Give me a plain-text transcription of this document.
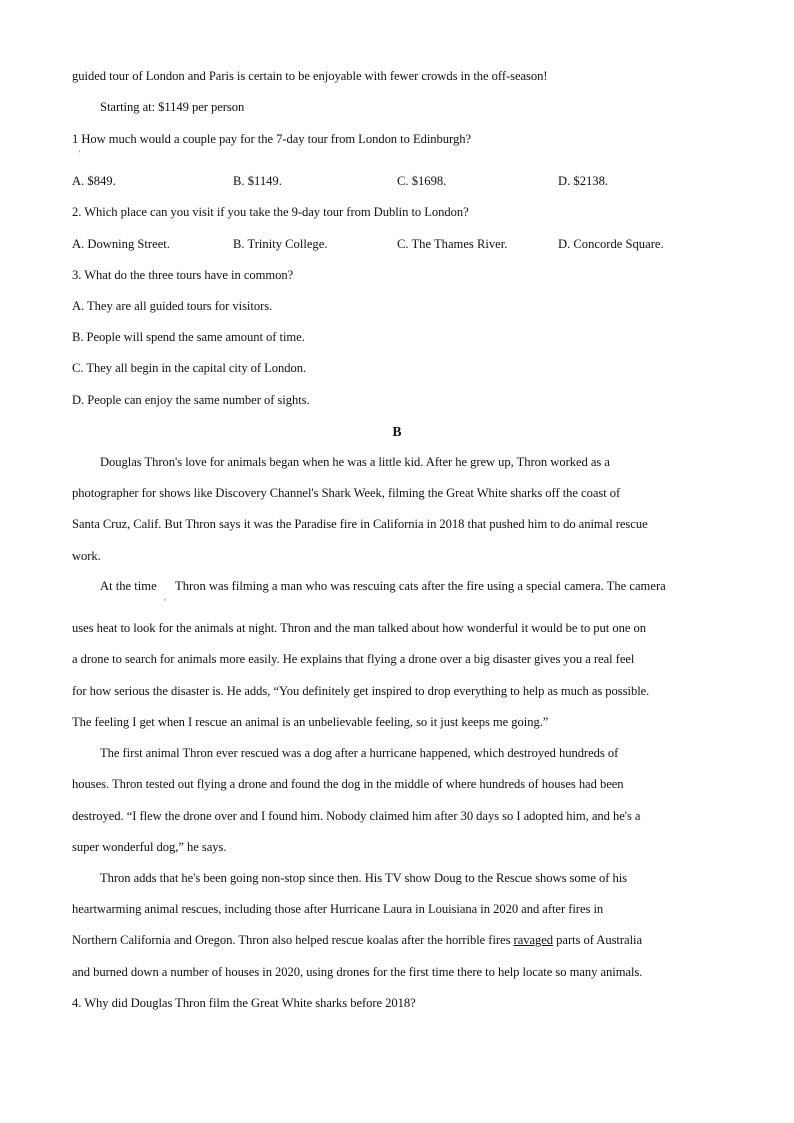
guided tour of London and Paris is certain to be enjoyable with fewer crowds in the off-season!
Starting at: $1149 per person
1 How much would a couple pay for the 7-day tour from London to Edinburgh?
'
A. $849.	B. $1149.	C. $1698.	D. $2138.
2. Which place can you visit if you take the 9-day tour from Dublin to London?
A. Downing Street.	B. Trinity College.	C. The Thames River.	D. Concorde Square.
3. What do the three tours have in common?
A. They are all guided tours for visitors.
B. People will spend the same amount of time.
C. They all begin in the capital city of London.
D. People can enjoy the same number of sights.
B
Douglas Thron's love for animals began when he was a little kid. After he grew up, Thron worked as a
photographer for shows like Discovery Channel's Shark Week, filming the Great White sharks off the coast of
Santa Cruz, Calif. But Thron says it was the Paradise fire in California in 2018 that pushed him to do animal rescue
work.
At the time
,
Thron was filming a man who was rescuing cats after the fire using a special camera. The camera
uses heat to look for the animals at night. Thron and the man talked about how wonderful it would be to put one on
a drone to search for animals more easily. He explains that flying a drone over a big disaster gives you a real feel
for how serious the disaster is. He adds, “You definitely get inspired to drop everything to help as much as possible.
The feeling I get when I rescue an animal is an unbelievable feeling, so it just keeps me going.”
The first animal Thron ever rescued was a dog after a hurricane happened, which destroyed hundreds of
houses. Thron tested out flying a drone and found the dog in the middle of where hundreds of houses had been
destroyed. “I flew the drone over and I found him. Nobody claimed him after 30 days so I adopted him, and he's a
super wonderful dog,” he says.
Thron adds that he's been going non-stop since then. His TV show Doug to the Rescue shows some of his
heartwarming animal rescues, including those after Hurricane Laura in Louisiana in 2020 and after fires in
Northern California and Oregon. Thron also helped rescue koalas after the horrible fires ravaged parts of Australia
and burned down a number of houses in 2020, using drones for the first time there to help locate so many animals.
4. Why did Douglas Thron film the Great White sharks before 2018?
